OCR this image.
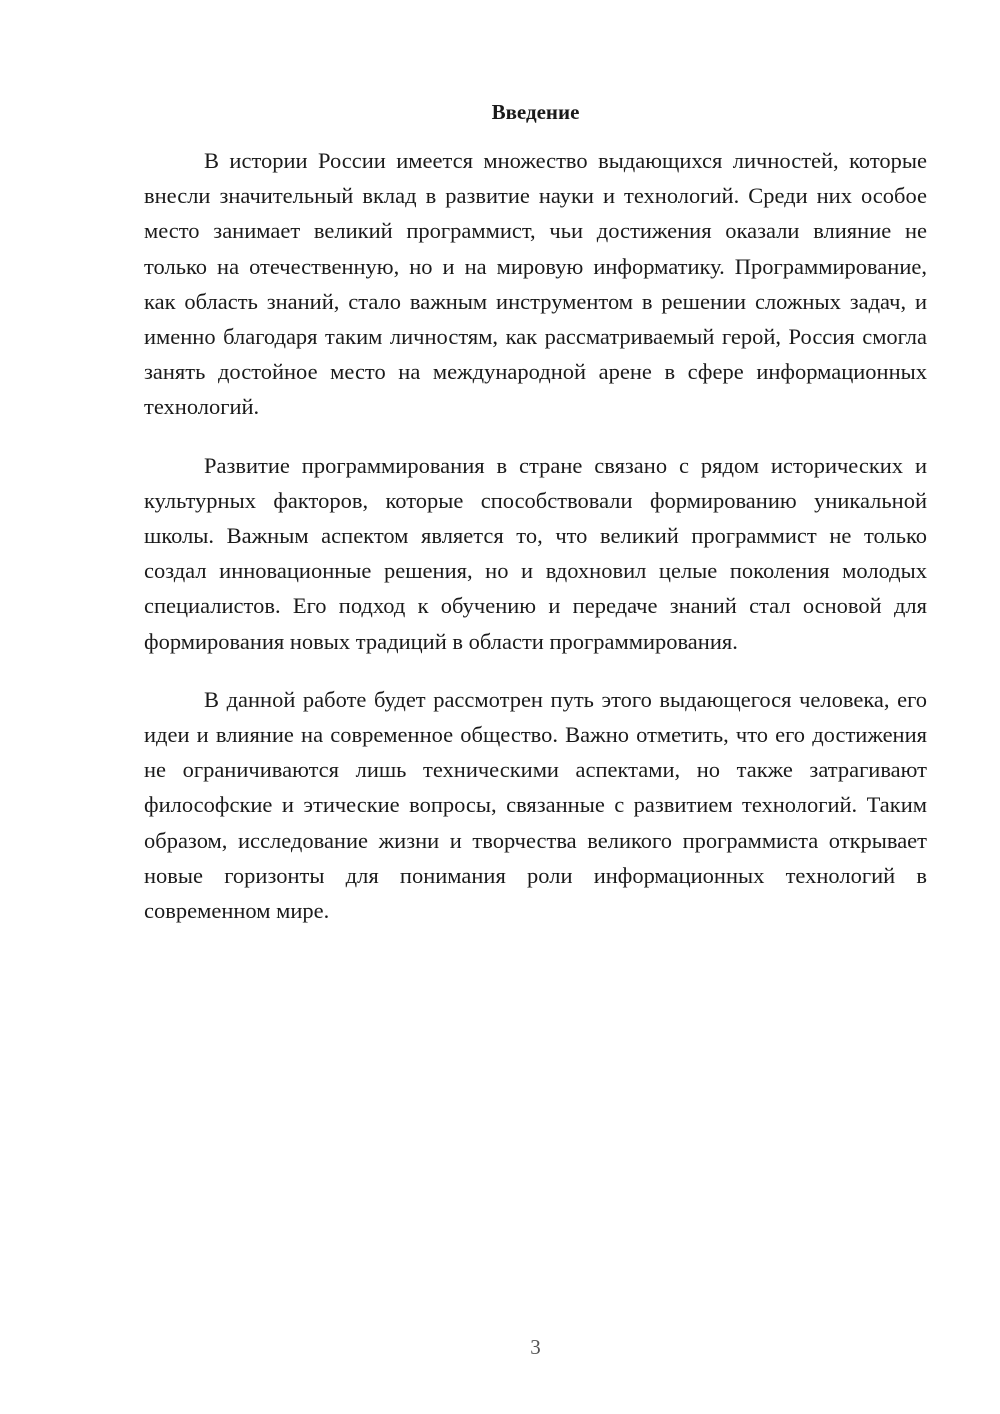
Введение

В истории России имеется множество выдающихся личностей, которые внесли значительный вклад в развитие науки и технологий. Среди них особое место занимает великий программист, чьи достижения оказали влияние не только на отечественную, но и на мировую информатику. Программирование, как область знаний, стало важным инструментом в решении сложных задач, и именно благодаря таким личностям, как рассматриваемый герой, Россия смогла занять достойное место на международной арене в сфере информационных технологий.

Развитие программирования в стране связано с рядом исторических и культурных факторов, которые способствовали формированию уникальной школы. Важным аспектом является то, что великий программист не только создал инновационные решения, но и вдохновил целые поколения молодых специалистов. Его подход к обучению и передаче знаний стал основой для формирования новых традиций в области программирования.

В данной работе будет рассмотрен путь этого выдающегося человека, его идеи и влияние на современное общество. Важно отметить, что его достижения не ограничиваются лишь техническими аспектами, но также затрагивают философские и этические вопросы, связанные с развитием технологий. Таким образом, исследование жизни и творчества великого программиста открывает новые горизонты для понимания роли информационных технологий в современном мире.

3
